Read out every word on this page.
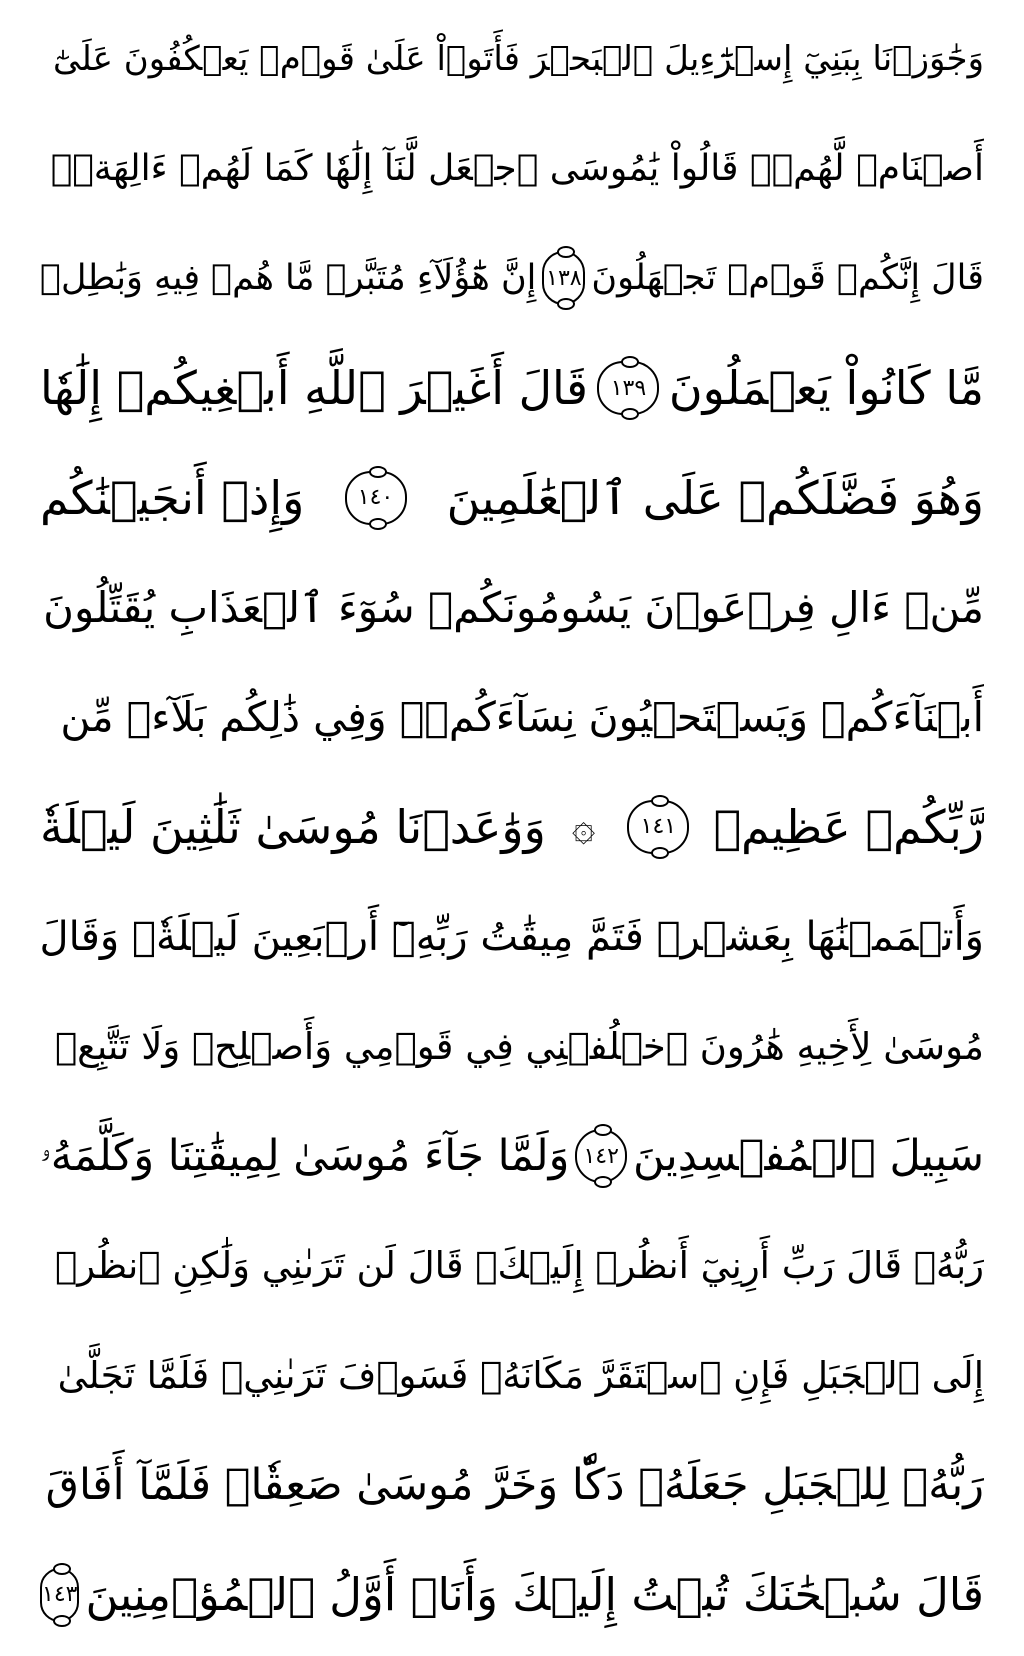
وَجَٰوَزۡنَا بِبَنِيٓ إِسۡرَٰٓءِيلَ ٱلۡبَحۡرَ فَأَتَوۡاْ عَلَىٰ قَوۡمٖ يَعۡكُفُونَ عَلَىٰٓ
أَصۡنَامٖ لَّهُمۡۚ قَالُواْ يَٰمُوسَى ٱجۡعَل لَّنَآ إِلَٰهٗا كَمَا لَهُمۡ ءَالِهَةٞۚ
قَالَ إِنَّكُمۡ قَوۡمٞ تَجۡهَلُونَ
١٣٨
إِنَّ هَٰٓؤُلَآءِ مُتَبَّرٞ مَّا هُمۡ فِيهِ وَبَٰطِلٞ
مَّا كَانُواْ يَعۡمَلُونَ
١٣٩
قَالَ أَغَيۡرَ ٱللَّهِ أَبۡغِيكُمۡ إِلَٰهٗا
وَهُوَ فَضَّلَكُمۡ عَلَى ٱلۡعَٰلَمِينَ
١٤٠
وَإِذۡ أَنجَيۡنَٰكُم
مِّنۡ ءَالِ فِرۡعَوۡنَ يَسُومُونَكُمۡ سُوٓءَ ٱلۡعَذَابِ يُقَتِّلُونَ
أَبۡنَآءَكُمۡ وَيَسۡتَحۡيُونَ نِسَآءَكُمۡۚ وَفِي ذَٰلِكُم بَلَآءٞ مِّن
رَّبِّكُمۡ عَظِيمٞ
١٤١
۞
وَوَٰعَدۡنَا مُوسَىٰ ثَلَٰثِينَ لَيۡلَةٗ
وَأَتۡمَمۡنَٰهَا بِعَشۡرٖ فَتَمَّ مِيقَٰتُ رَبِّهِۦٓ أَرۡبَعِينَ لَيۡلَةٗۚ وَقَالَ
مُوسَىٰ لِأَخِيهِ هَٰرُونَ ٱخۡلُفۡنِي فِي قَوۡمِي وَأَصۡلِحۡ وَلَا تَتَّبِعۡ
سَبِيلَ ٱلۡمُفۡسِدِينَ
١٤٢
وَلَمَّا جَآءَ مُوسَىٰ لِمِيقَٰتِنَا وَكَلَّمَهُۥ
رَبُّهُۥ قَالَ رَبِّ أَرِنِيٓ أَنظُرۡ إِلَيۡكَۚ قَالَ لَن تَرَىٰنِي وَلَٰكِنِ ٱنظُرۡ
إِلَى ٱلۡجَبَلِ فَإِنِ ٱسۡتَقَرَّ مَكَانَهُۥ فَسَوۡفَ تَرَىٰنِيۚ فَلَمَّا تَجَلَّىٰ
رَبُّهُۥ لِلۡجَبَلِ جَعَلَهُۥ دَكّٗا وَخَرَّ مُوسَىٰ صَعِقٗاۚ فَلَمَّآ أَفَاقَ
قَالَ سُبۡحَٰنَكَ تُبۡتُ إِلَيۡكَ وَأَنَا۠ أَوَّلُ ٱلۡمُؤۡمِنِينَ
١٤٣
